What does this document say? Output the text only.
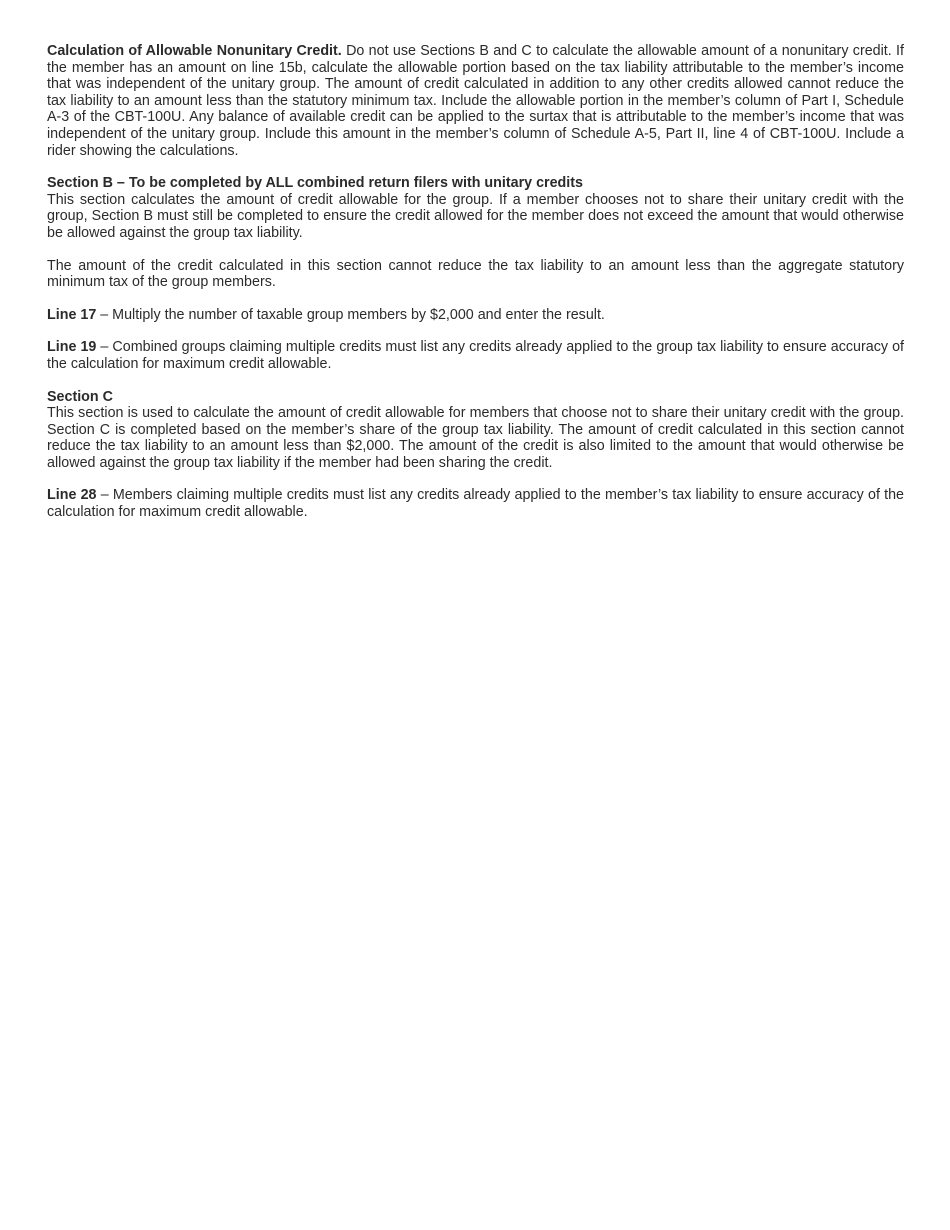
Calculation of Allowable Nonunitary Credit. Do not use Sections B and C to calculate the allowable amount of a nonunitary credit. If the member has an amount on line 15b, calculate the allowable portion based on the tax liability attributable to the member’s income that was independent of the unitary group. The amount of credit calculated in addition to any other credits allowed cannot reduce the tax liability to an amount less than the statutory minimum tax. Include the allowable portion in the member’s column of Part I, Schedule A-3 of the CBT-100U. Any balance of available credit can be applied to the surtax that is attributable to the member’s income that was independent of the unitary group. Include this amount in the member’s column of Schedule A-5, Part II, line 4 of CBT-100U. Include a rider showing the calculations.

Section B – To be completed by ALL combined return filers with unitary credits

This section calculates the amount of credit allowable for the group. If a member chooses not to share their unitary credit with the group, Section B must still be completed to ensure the credit allowed for the member does not exceed the amount that would otherwise be allowed against the group tax liability.

The amount of the credit calculated in this section cannot reduce the tax liability to an amount less than the aggregate statutory minimum tax of the group members.

Line 17 – Multiply the number of taxable group members by $2,000 and enter the result.

Line 19 – Combined groups claiming multiple credits must list any credits already applied to the group tax liability to ensure accuracy of the calculation for maximum credit allowable.

Section C

This section is used to calculate the amount of credit allowable for members that choose not to share their unitary credit with the group. Section C is completed based on the member’s share of the group tax liability. The amount of credit calculated in this section cannot reduce the tax liability to an amount less than $2,000. The amount of the credit is also limited to the amount that would otherwise be allowed against the group tax liability if the member had been sharing the credit.

Line 28 – Members claiming multiple credits must list any credits already applied to the member’s tax liability to ensure accuracy of the calculation for maximum credit allowable.
